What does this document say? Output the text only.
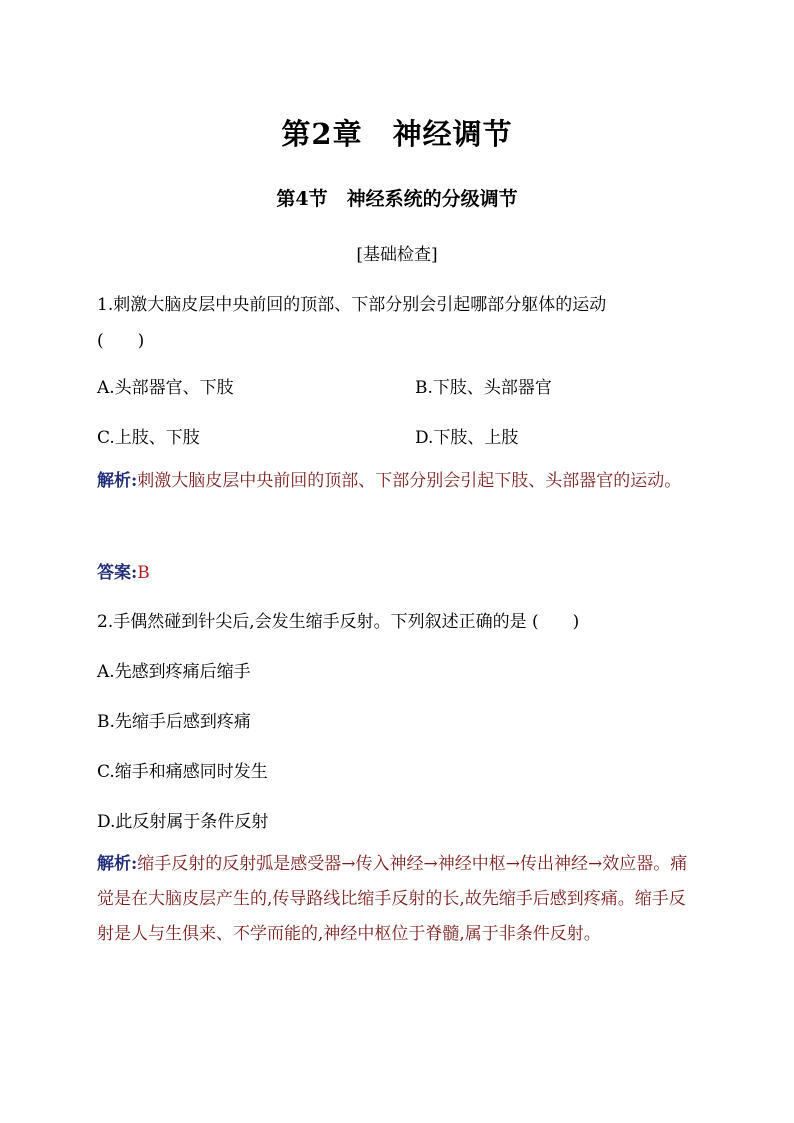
第2章　神经调节
第4节　神经系统的分级调节
[基础检查]
1.刺激大脑皮层中央前回的顶部、下部分别会引起哪部分躯体的运动
(　　)
A.头部器官、下肢	B.下肢、头部器官
C.上肢、下肢	D.下肢、上肢
解析:刺激大脑皮层中央前回的顶部、下部分别会引起下肢、头部器官的运动。
答案:B
2.手偶然碰到针尖后,会发生缩手反射。下列叙述正确的是 (　　)
A.先感到疼痛后缩手
B.先缩手后感到疼痛
C.缩手和痛感同时发生
D.此反射属于条件反射
解析:缩手反射的反射弧是感受器→传入神经→神经中枢→传出神经→效应器。痛觉是在大脑皮层产生的,传导路线比缩手反射的长,故先缩手后感到疼痛。缩手反射是人与生俱来、不学而能的,神经中枢位于脊髓,属于非条件反射。
